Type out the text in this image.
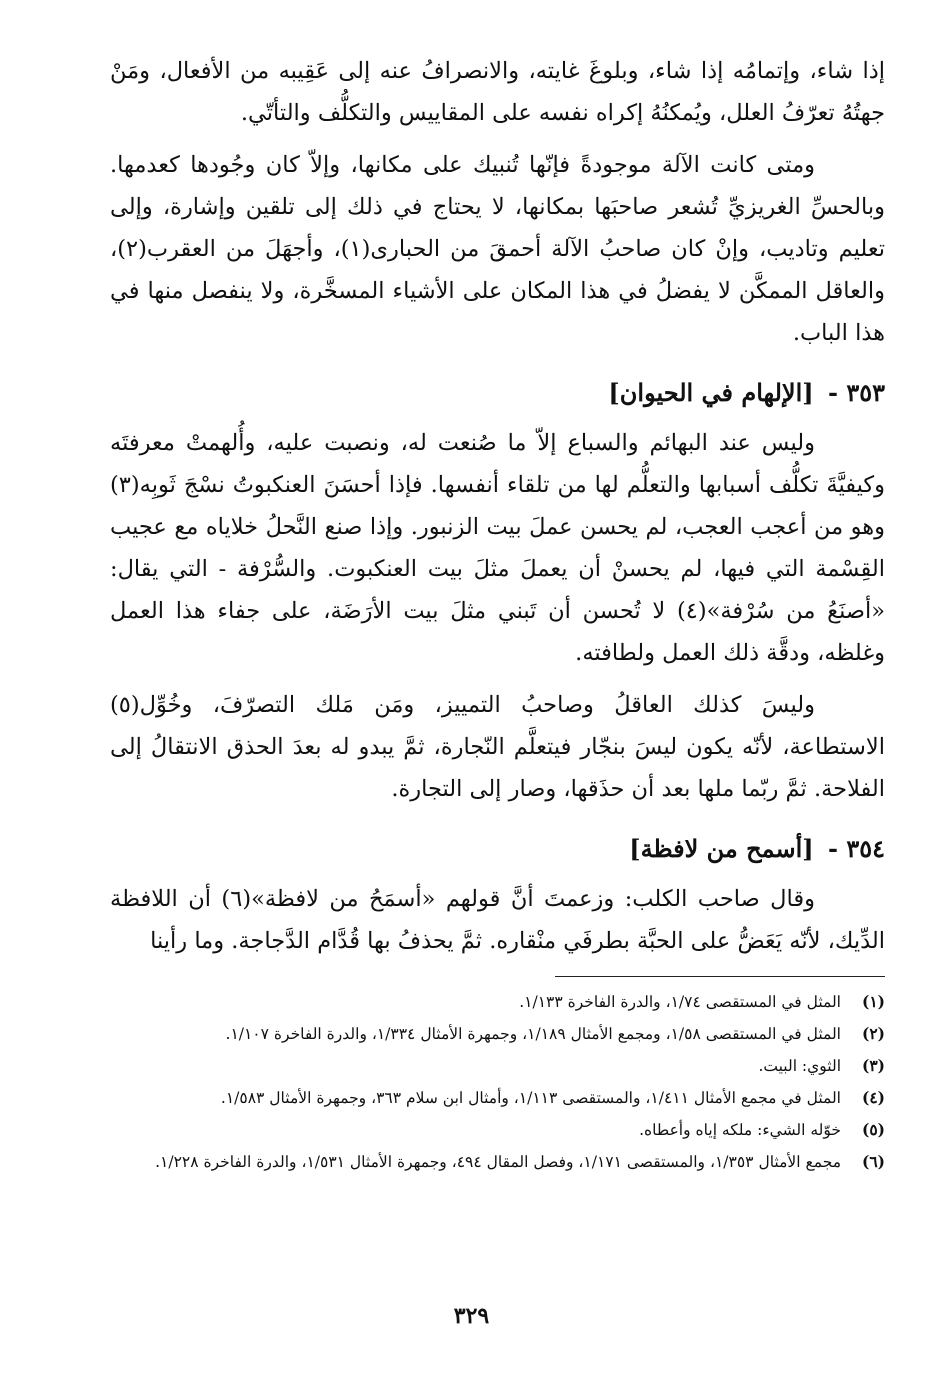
إذا شاء، وإتمامُه إذا شاء، وبلوغَ غايته، والانصرافُ عنه إلى عَقِيبه من الأفعال، ومَنْ جهتُهُ تعرّفُ العلل، ويُمكنُهُ إكراه نفسه على المقاييس والتكلُّف والتأتّي.

ومتى كانت الآلة موجودةً فإنّها تُنبيك على مكانها، وإلاّ كان وجُودها كعدمها. وبالحسِّ الغريزيِّ تُشعر صاحبَها بمكانها، لا يحتاج في ذلك إلى تلقين وإشارة، وإلى تعليم وتاديب، وإنْ كان صاحبُ الآلة أحمقَ من الحبارى(١)، وأجهَلَ من العقرب(٢)، والعاقل الممكَّن لا يفضلُ في هذا المكان على الأشياء المسخَّرة، ولا ينفصل منها في هذا الباب.

٣٥٣ - [الإلهام في الحيوان]

وليس عند البهائم والسباع إلاّ ما صُنعت له، ونصبت عليه، وأُلهمتْ معرفتَه وكيفيَّةَ تكلُّف أسبابها والتعلُّم لها من تلقاء أنفسها. فإذا أحسَنَ العنكبوتُ نسْجَ ثَوبِه(٣) وهو من أعجب العجب، لم يحسن عملَ بيت الزنبور. وإذا صنع النَّحلُ خلاياه مع عجيب القِسْمة التي فيها، لم يحسنْ أن يعملَ مثلَ بيت العنكبوت. والسُّرْفة - التي يقال: «أصنَعُ من سُرْفة»(٤) لا تُحسن أن تَبني مثلَ بيت الأرَضَة، على جفاء هذا العمل وغلظه، ودقَّة ذلك العمل ولطافته.

وليسَ كذلك العاقلُ وصاحبُ التمييز، ومَن مَلك التصرّفَ، وخُوِّل(٥) الاستطاعة، لأنّه يكون ليسَ بنجّار فيتعلَّم النّجارة، ثمَّ يبدو له بعدَ الحذق الانتقالُ إلى الفلاحة. ثمَّ ربّما ملها بعد أن حذَقها، وصار إلى التجارة.

٣٥٤ - [أسمح من لافظة]

وقال صاحب الكلب: وزعمتَ أنَّ قولهم «أسمَحُ من لافظة»(٦) أن اللافظة الدِّيك، لأنّه يَعَضُّ على الحبَّة بطرفَي منْقاره. ثمَّ يحذفُ بها قُدَّام الدَّجاجة. وما رأينا

(١)
المثل في المستقصى ١/٧٤، والدرة الفاخرة ١/١٣٣.
(٢)
المثل في المستقصى ١/٥٨، ومجمع الأمثال ١/١٨٩، وجمهرة الأمثال ١/٣٣٤، والدرة الفاخرة ١/١٠٧.
(٣)
الثوي: البيت.
(٤)
المثل في مجمع الأمثال ١/٤١١، والمستقصى ١/١١٣، وأمثال ابن سلام ٣٦٣، وجمهرة الأمثال ١/٥٨٣.
(٥)
خوّله الشيء: ملكه إياه وأعطاه.
(٦)
مجمع الأمثال ١/٣٥٣، والمستقصى ١/١٧١، وفصل المقال ٤٩٤، وجمهرة الأمثال ١/٥٣١، والدرة الفاخرة ١/٢٢٨.
٣٢٩
